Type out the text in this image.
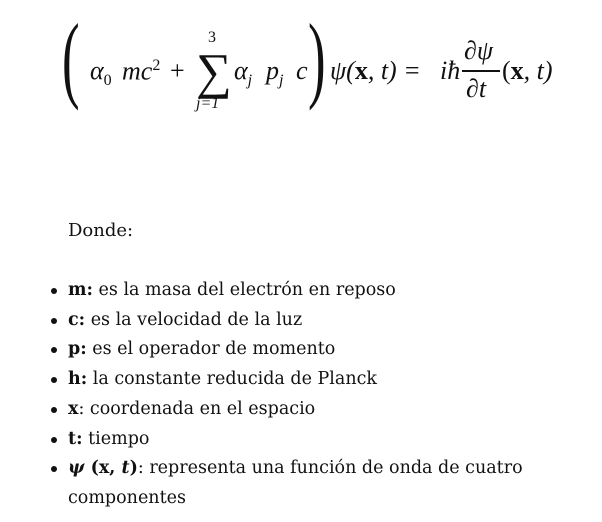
( $\alpha_0$ $mc^2$ +
3
∑
j=1
$\alpha_j$ $p_j$ c ) ψ(x, t) = iħ
∂ψ
∂t
(x, t)
Donde:
m: es la masa del electrón en reposo
c: es la velocidad de la luz
p: es el operador de momento
h: la constante reducida de Planck
x: coordenada en el espacio
t: tiempo
ψ (x, t): representa una función de onda de cuatro componentes
